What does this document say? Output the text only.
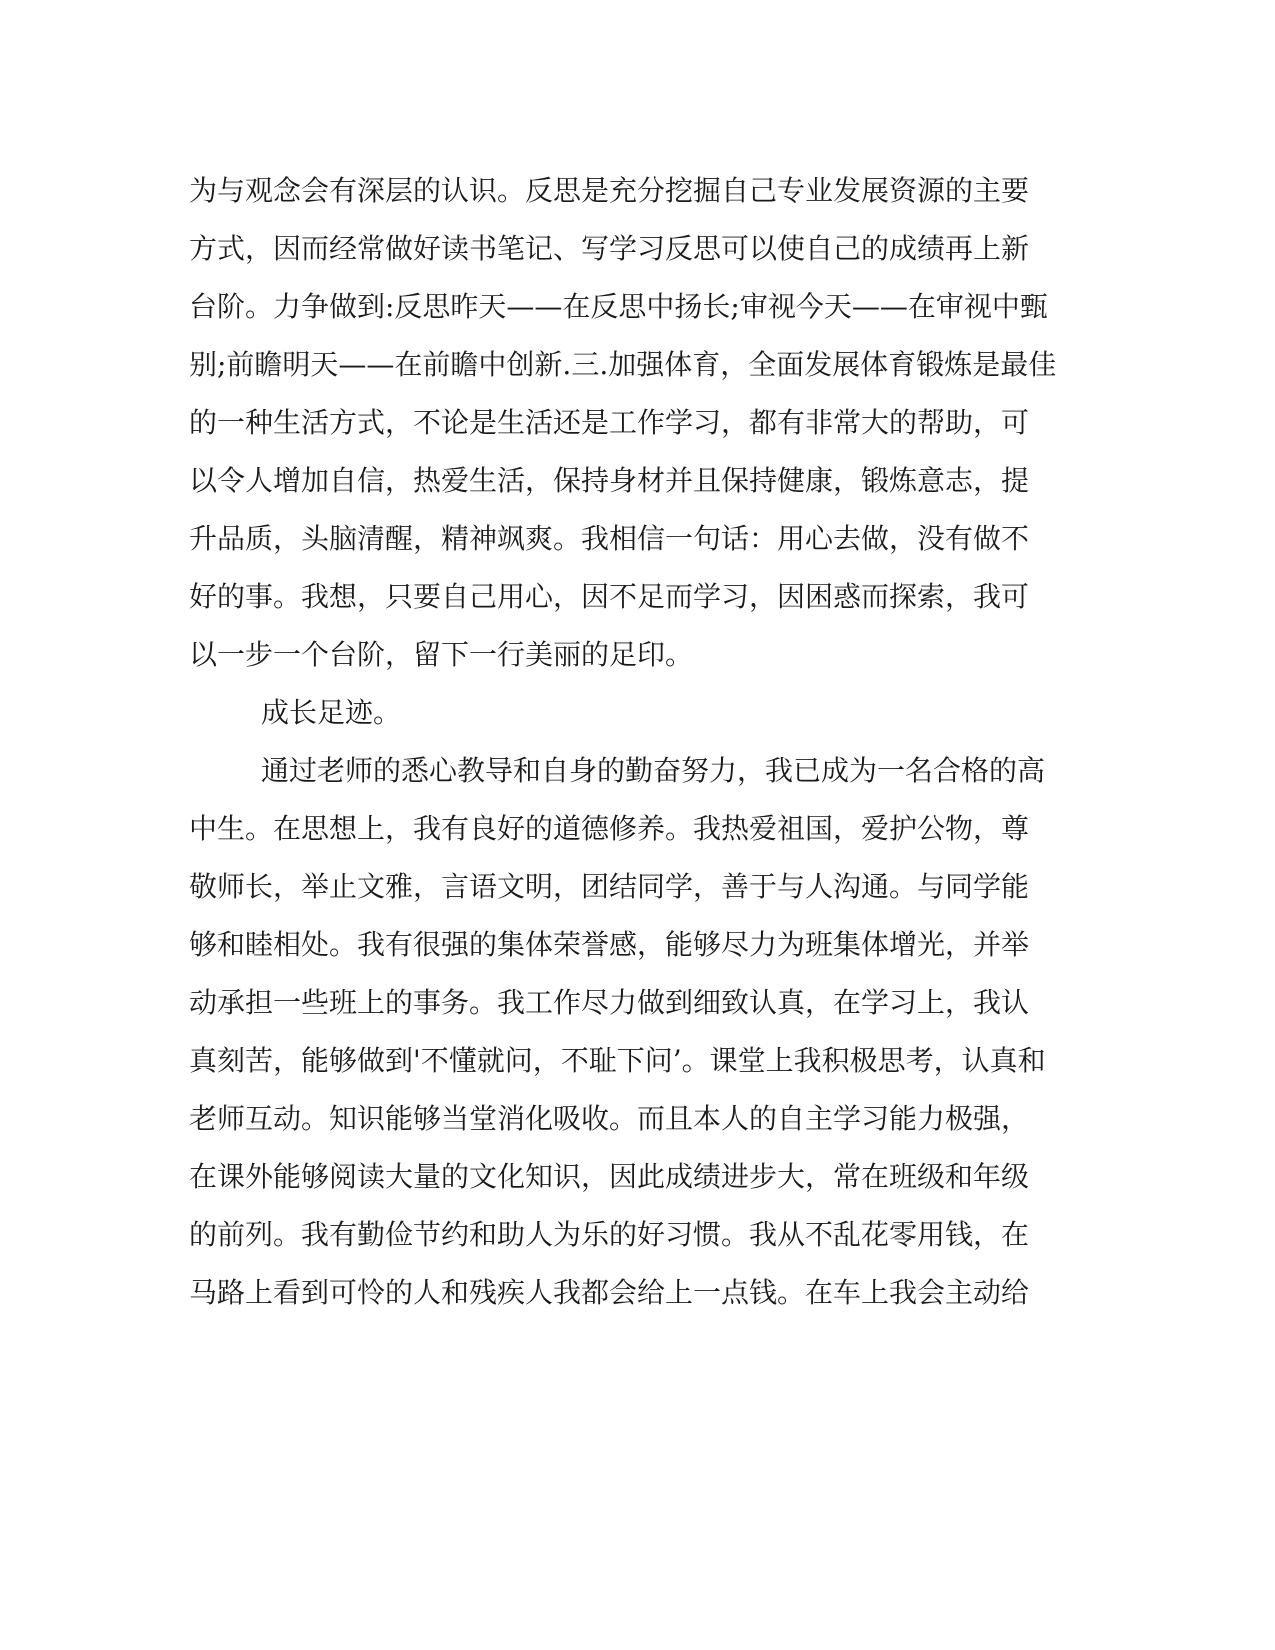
为与观念会有深层的认识。反思是充分挖掘自己专业发展资源的主要
方式，因而经常做好读书笔记、写学习反思可以使自己的成绩再上新
台阶。力争做到:反思昨天——在反思中扬长;审视今天——在审视中甄
别;前瞻明天——在前瞻中创新.三.加强体育，全面发展体育锻炼是最佳
的一种生活方式，不论是生活还是工作学习，都有非常大的帮助，可
以令人增加自信，热爱生活，保持身材并且保持健康，锻炼意志，提
升品质，头脑清醒，精神飒爽。我相信一句话：用心去做，没有做不
好的事。我想，只要自己用心，因不足而学习，因困惑而探索，我可
以一步一个台阶，留下一行美丽的足印。
成长足迹。
通过老师的悉心教导和自身的勤奋努力，我已成为一名合格的高
中生。在思想上，我有良好的道德修养。我热爱祖国，爱护公物，尊
敬师长，举止文雅，言语文明，团结同学，善于与人沟通。与同学能
够和睦相处。我有很强的集体荣誉感，能够尽力为班集体增光，并举
动承担一些班上的事务。我工作尽力做到细致认真，在学习上，我认
真刻苦，能够做到'不懂就问，不耻下问’。课堂上我积极思考，认真和
老师互动。知识能够当堂消化吸收。而且本人的自主学习能力极强，
在课外能够阅读大量的文化知识，因此成绩进步大，常在班级和年级
的前列。我有勤俭节约和助人为乐的好习惯。我从不乱花零用钱，在
马路上看到可怜的人和残疾人我都会给上一点钱。在车上我会主动给
